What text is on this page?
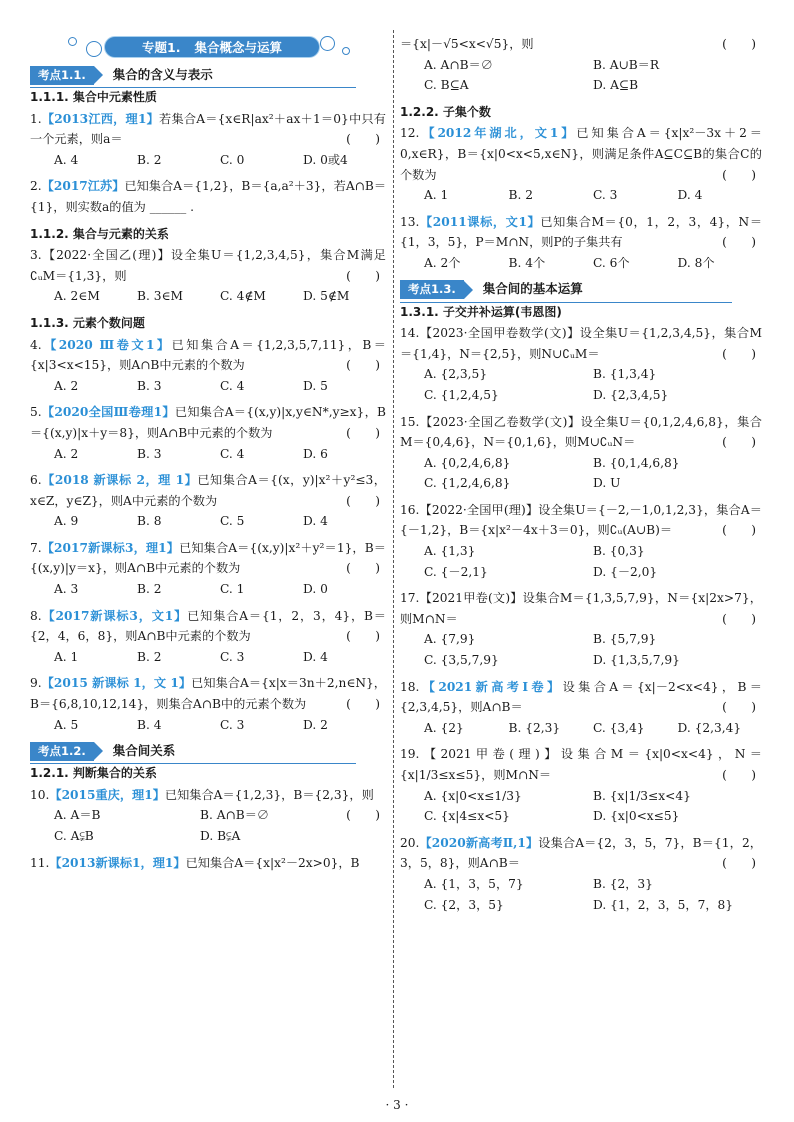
专题1. 集合概念与运算
考点1.1.	集合的含义与表示
1.1.1. 集合中元素性质
1.【2013江西，理1】若集合A＝{x∈R|ax²＋ax＋1＝0}中只有一个元素，则a＝	(　　)
A. 4	B. 2	C. 0	D. 0或4
2.【2017江苏】已知集合A＝{1,2}，B＝{a,a²＋3}，若A∩B＝{1}，则实数a的值为 ______ .
1.1.2. 集合与元素的关系
3.【2022·全国乙(理)】设全集U＝{1,2,3,4,5}，集合M满足∁ᵤM＝{1,3}，则	(　　)
A. 2∈M	B. 3∈M	C. 4∉M	D. 5∉M
1.1.3. 元素个数问题
4.【2020 Ⅲ卷文1】已知集合A＝{1,2,3,5,7,11}，B＝{x|3<x<15}，则A∩B中元素的个数为	(　　)
A. 2	B. 3	C. 4	D. 5
5.【2020全国Ⅲ卷理1】已知集合A＝{(x,y)|x,y∈N*,y≥x}，B＝{(x,y)|x＋y＝8}，则A∩B中元素的个数为	(　　)
A. 2	B. 3	C. 4	D. 6
6.【2018 新课标 2，理 1】已知集合A＝{(x，y)|x²＋y²≤3，x∈Z，y∈Z}，则A中元素的个数为	(　　)
A. 9	B. 8	C. 5	D. 4
7.【2017新课标3，理1】已知集合A＝{(x,y)|x²＋y²＝1}，B＝{(x,y)|y＝x}，则A∩B中元素的个数为	(　　)
A. 3	B. 2	C. 1	D. 0
8.【2017新课标3，文1】已知集合A＝{1，2，3，4}，B＝{2，4，6，8}，则A∩B中元素的个数为	(　　)
A. 1	B. 2	C. 3	D. 4
9.【2015 新课标 1，文 1】已知集合A＝{x|x＝3n＋2,n∈N}，B＝{6,8,10,12,14}，则集合A∩B中的元素个数为	(　　)
A. 5	B. 4	C. 3	D. 2
考点1.2.	集合间关系
1.2.1. 判断集合的关系
10.【2015重庆，理1】已知集合A＝{1,2,3}，B＝{2,3}，则
(　　)
A. A＝B	B. A∩B＝∅
C. A⫋B	D. B⫋A
11.【2013新课标1，理1】已知集合A＝{x|x²－2x>0}，B
＝{x|－√5<x<√5}，则	(　　)
A. A∩B＝∅	B. A∪B＝R
C. B⊆A	D. A⊆B
1.2.2. 子集个数
12.【2012年湖北，文1】已知集合A＝{x|x²－3x＋2＝0,x∈R}，B＝{x|0<x<5,x∈N}，则满足条件A⊆C⊆B的集合C的个数为	(　　)
A. 1	B. 2	C. 3	D. 4
13.【2011课标，文1】已知集合M＝{0，1，2，3，4}，N＝{1，3，5}，P＝M∩N，则P的子集共有	(　　)
A. 2个	B. 4个	C. 6个	D. 8个
考点1.3.	集合间的基本运算
1.3.1. 子交并补运算(韦恩图)
14.【2023·全国甲卷数学(文)】设全集U＝{1,2,3,4,5}，集合M＝{1,4}，N＝{2,5}，则N∪∁ᵤM＝	(　　)
A. {2,3,5}	B. {1,3,4}
C. {1,2,4,5}	D. {2,3,4,5}
15.【2023·全国乙卷数学(文)】设全集U＝{0,1,2,4,6,8}，集合M＝{0,4,6}，N＝{0,1,6}，则M∪∁ᵤN＝	(　　)
A. {0,2,4,6,8}	B. {0,1,4,6,8}
C. {1,2,4,6,8}	D. U
16.【2022·全国甲(理)】设全集U＝{－2,－1,0,1,2,3}，集合A＝{－1,2}，B＝{x|x²－4x＋3＝0}，则∁ᵤ(A∪B)＝	(　　)
A. {1,3}	B. {0,3}
C. {－2,1}	D. {－2,0}
17.【2021甲卷(文)】设集合M＝{1,3,5,7,9}，N＝{x|2x>7}，则M∩N＝	(　　)
A. {7,9}	B. {5,7,9}
C. {3,5,7,9}	D. {1,3,5,7,9}
18.【2021新高考Ⅰ卷】设集合A＝{x|－2<x<4}，B＝{2,3,4,5}，则A∩B＝	(　　)
A. {2}	B. {2,3}	C. {3,4}	D. {2,3,4}
19.【2021甲卷(理)】设集合M＝{x|0<x<4}，N＝{x|1/3≤x≤5}，则M∩N＝	(　　)
A. {x|0<x≤1/3}	B. {x|1/3≤x<4}
C. {x|4≤x<5}	D. {x|0<x≤5}
20.【2020新高考Ⅱ,1】设集合A＝{2，3，5，7}，B＝{1，2，3，5，8}，则A∩B＝	(　　)
A. {1，3，5，7}	B. {2，3}
C. {2，3，5}	D. {1，2，3，5，7，8}
· 3 ·
